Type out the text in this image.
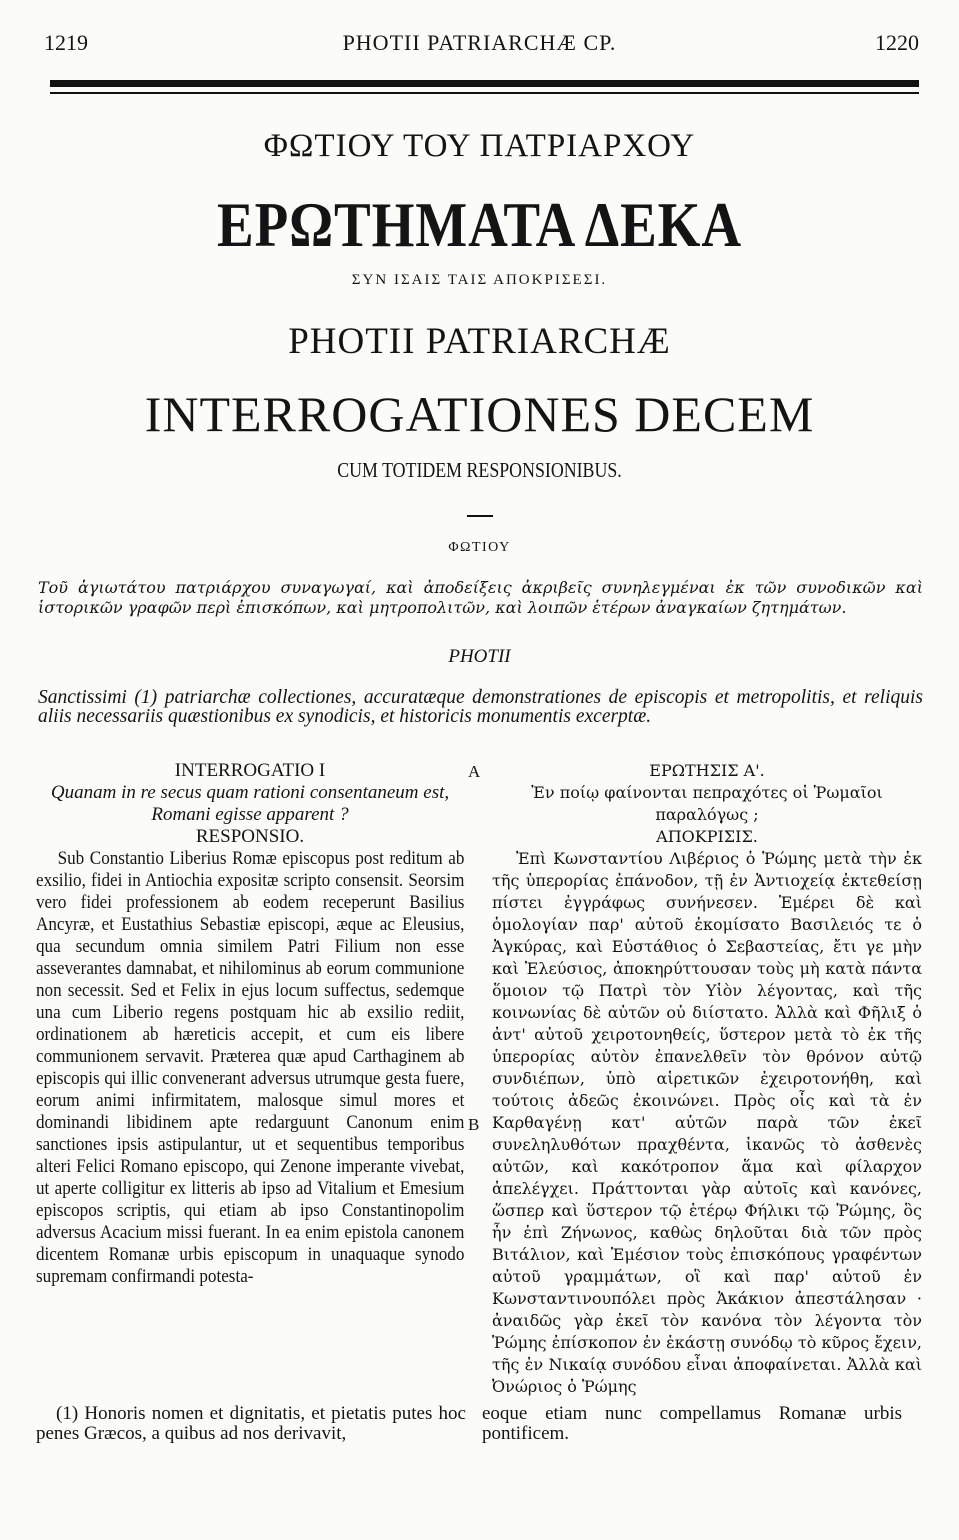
1219	PHOTII PATRIARCHÆ CP.	1220
ΦΩΤΙΟΥ ΤΟΥ ΠΑΤΡΙΑΡΧΟΥ
ΕΡΩΤΗΜΑΤΑ ΔΕΚΑ
ΣΥΝ ΙΣΑΙΣ ΤΑΙΣ ΑΠΟΚΡΙΣΕΣΙ.
PHOTII PATRIARCHÆ
INTERROGATIONES DECEM
CUM TOTIDEM RESPONSIONIBUS.
ΦΩΤΙΟΥ
Τοῦ ἁγιωτάτου πατριάρχου συναγωγαί, καὶ ἀποδείξεις ἀκριβεῖς συνηλεγμέναι ἐκ τῶν συνοδικῶν καὶ ἱστορικῶν γραφῶν περὶ ἐπισκόπων, καὶ μητροπολιτῶν, καὶ λοιπῶν ἑτέρων ἀναγκαίων ζητημάτων.
PHOTII
Sanctissimi (1) patriarchæ collectiones, accuratæque demonstrationes de episcopis et metropolitis, et reliquis aliis necessariis quæstionibus ex synodicis, et historicis monumentis excerptæ.
INTERROGATIO I
Quanam in re secus quam rationi consentaneum est, Romani egisse apparent ?
RESPONSIO.
Sub Constantio Liberius Romæ episcopus post reditum ab exsilio, fidei in Antiochia expositæ scripto consensit. Seorsim vero fidei professionem ab eodem receperunt Basilius Ancyræ, et Eustathius Sebastiæ episcopi, æque ac Eleusius, qua secundum omnia similem Patri Filium non esse asseverantes damnabat, et nihilominus ab eorum communione non secessit. Sed et Felix in ejus locum suffectus, sedemque una cum Liberio regens postquam hic ab exsilio rediit, ordinationem ab hæreticis accepit, et cum eis libere communionem servavit. Præterea quæ apud Carthaginem ab episcopis qui illic convenerant adversus utrumque gesta fuere, eorum animi infirmitatem, malosque simul mores et dominandi libidinem apte redarguunt Canonum enim sanctiones ipsis astipulantur, ut et sequentibus temporibus alteri Felici Romano episcopo, qui Zenone imperante vivebat, ut aperte colligitur ex litteris ab ipso ad Vitalium et Emesium episcopos scriptis, qui etiam ab ipso Constantinopolim adversus Acacium missi fuerant. In ea enim epistola canonem dicentem Romanæ urbis episcopum in unaquaque synodo supremam confirmandi potesta-
A
B
ΕΡΩΤΗΣΙΣ Α'.
Ἐν ποίῳ φαίνονται πεπραχότες οἱ Ῥωμαῖοι παραλόγως ;
ΑΠΟΚΡΙΣΙΣ.
Ἐπὶ Κωνσταντίου Λιβέριος ὁ Ῥώμης μετὰ τὴν ἐκ τῆς ὑπερορίας ἐπάνοδον, τῇ ἐν Ἀντιοχείᾳ ἐκτεθείσῃ πίστει ἐγγράφως συνήνεσεν. Ἐμέρει δὲ καὶ ὁμολογίαν παρ' αὐτοῦ ἐκομίσατο Βασιλειός τε ὁ Ἀγκύρας, καὶ Εὐστάθιος ὁ Σεβαστείας, ἔτι γε μὴν καὶ Ἐλεύσιος, ἀποκηρύττουσαν τοὺς μὴ κατὰ πάντα ὅμοιον τῷ Πατρὶ τὸν Υἱὸν λέγοντας, καὶ τῆς κοινωνίας δὲ αὐτῶν οὐ διίστατο. Ἀλλὰ καὶ Φῆλιξ ὁ ἀντ' αὐτοῦ χειροτονηθείς, ὕστερον μετὰ τὸ ἐκ τῆς ὑπερορίας αὐτὸν ἐπανελθεῖν τὸν θρόνον αὐτῷ συνδιέπων, ὑπὸ αἱρετικῶν ἐχειροτονήθη, καὶ τούτοις ἀδεῶς ἐκοινώνει. Πρὸς οἷς καὶ τὰ ἐν Καρθαγένῃ κατ' αὐτῶν παρὰ τῶν ἐκεῖ συνεληλυθότων πραχθέντα, ἱκανῶς τὸ ἀσθενὲς αὐτῶν, καὶ κακότροπον ἅμα καὶ φίλαρχον ἀπελέγχει. Πράττονται γὰρ αὐτοῖς καὶ κανόνες, ὥσπερ καὶ ὕστερον τῷ ἑτέρῳ Φήλικι τῷ Ῥώμης, ὃς ἦν ἐπὶ Ζήνωνος, καθὼς δηλοῦται διὰ τῶν πρὸς Βιτάλιον, καὶ Ἐμέσιον τοὺς ἐπισκόπους γραφέντων αὐτοῦ γραμμάτων, οἳ καὶ παρ' αὐτοῦ ἐν Κωνσταντινουπόλει πρὸς Ἀκάκιον ἀπεστάλησαν · ἀναιδῶς γὰρ ἐκεῖ τὸν κανόνα τὸν λέγοντα τὸν Ῥώμης ἐπίσκοπον ἐν ἑκάστῃ συνόδῳ τὸ κῦρος ἔχειν, τῆς ἐν Νικαίᾳ συνόδου εἶναι ἀποφαίνεται. Ἀλλὰ καὶ Ὀνώριος ὁ Ῥώμης
(1) Honoris nomen et dignitatis, et pietatis putes hoc penes Græcos, a quibus ad nos derivavit,
eoque etiam nunc compellamus Romanæ urbis pontificem.
